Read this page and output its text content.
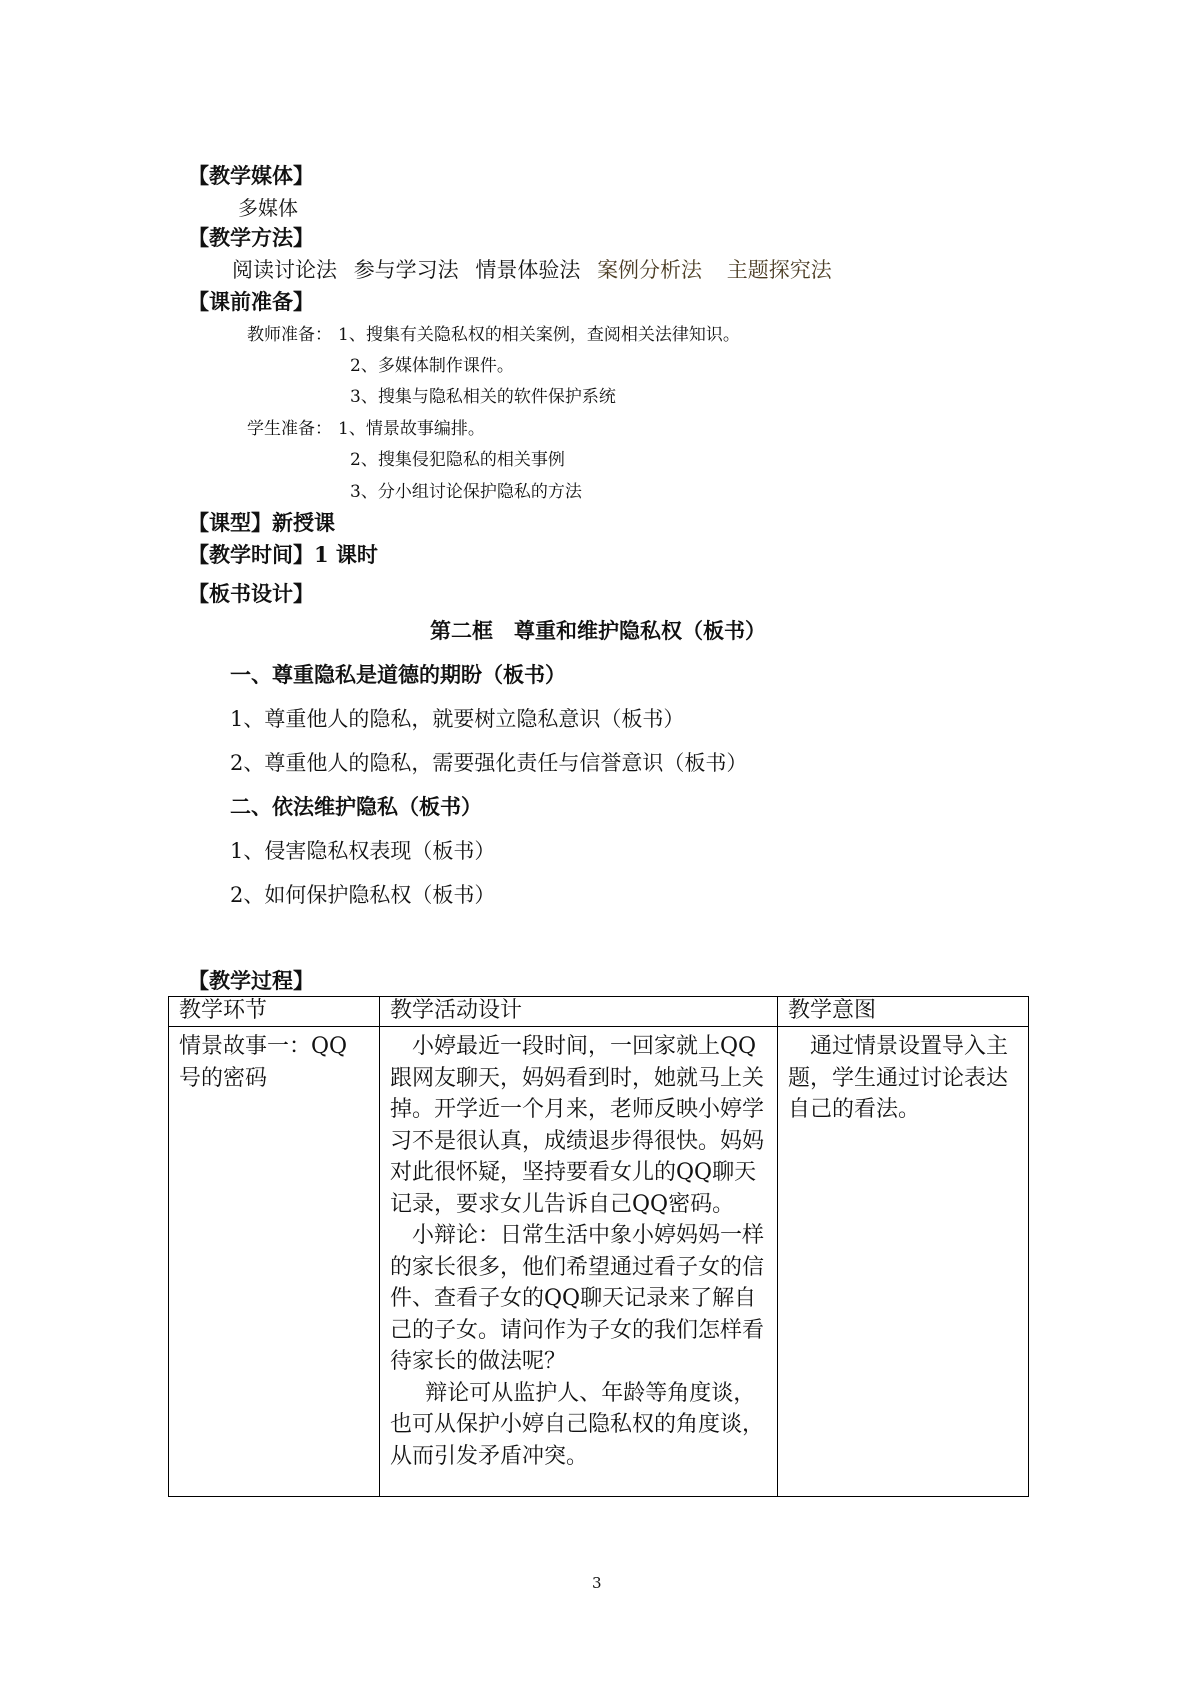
【教学媒体】
多媒体
【教学方法】
阅读讨论法 参与学习法 情景体验法 案例分析法 主题探究法
【课前准备】
教师准备： 1、搜集有关隐私权的相关案例，查阅相关法律知识。
2、多媒体制作课件。
3、搜集与隐私相关的软件保护系统
学生准备： 1、情景故事编排。
2、搜集侵犯隐私的相关事例
3、分小组讨论保护隐私的方法
【课型】新授课
【教学时间】1 课时
【板书设计】
第二框　尊重和维护隐私权（板书）
一、尊重隐私是道德的期盼（板书）
1、尊重他人的隐私，就要树立隐私意识（板书）
2、尊重他人的隐私，需要强化责任与信誉意识（板书）
二、依法维护隐私（板书）
1、侵害隐私权表现（板书）
2、如何保护隐私权（板书）
【教学过程】
教学环节	教学活动设计	教学意图
情景故事一：QQ号的密码	小婷最近一段时间，一回家就上QQ跟网友聊天，妈妈看到时，她就马上关掉。开学近一个月来，老师反映小婷学习不是很认真，成绩退步得很快。妈妈对此很怀疑，坚持要看女儿的QQ聊天记录，要求女儿告诉自己QQ密码。
小辩论：日常生活中象小婷妈妈一样的家长很多，他们希望通过看子女的信件、查看子女的QQ聊天记录来了解自己的子女。请问作为子女的我们怎样看待家长的做法呢？
辩论可从监护人、年龄等角度谈，也可从保护小婷自己隐私权的角度谈，从而引发矛盾冲突。	通过情景设置导入主题，学生通过讨论表达自己的看法。
3
